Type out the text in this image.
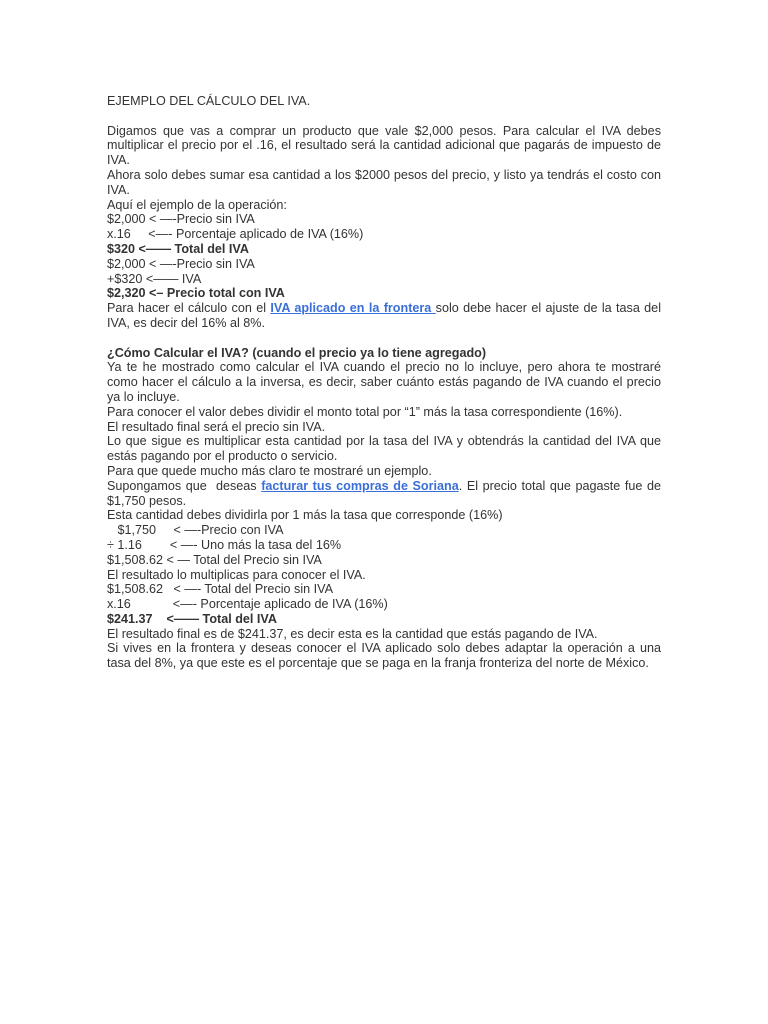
EJEMPLO DEL CÁLCULO DEL IVA.

Digamos que vas a comprar un producto que vale $2,000 pesos. Para calcular el IVA debes multiplicar el precio por el .16, el resultado será la cantidad adicional que pagarás de impuesto de IVA.

Ahora solo debes sumar esa cantidad a los $2000 pesos del precio, y listo ya tendrás el costo con IVA.

Aquí el ejemplo de la operación:

$2,000 < —-Precio sin IVA

x.16     <—- Porcentaje aplicado de IVA (16%)

$320 <—— Total del IVA

$2,000 < —-Precio sin IVA

+$320 <—— IVA

$2,320 <– Precio total con IVA

Para hacer el cálculo con el IVA aplicado en la frontera solo debe hacer el ajuste de la tasa del IVA, es decir del 16% al 8%.

¿Cómo Calcular el IVA? (cuando el precio ya lo tiene agregado)

Ya te he mostrado como calcular el IVA cuando el precio no lo incluye, pero ahora te mostraré como hacer el cálculo a la inversa, es decir, saber cuánto estás pagando de IVA cuando el precio ya lo incluye.

Para conocer el valor debes dividir el monto total por “1” más la tasa correspondiente (16%).

El resultado final será el precio sin IVA.

Lo que sigue es multiplicar esta cantidad por la tasa del IVA y obtendrás la cantidad del IVA que estás pagando por el producto o servicio.

Para que quede mucho más claro te mostraré un ejemplo.

Supongamos que  deseas facturar tus compras de Soriana. El precio total que pagaste fue de $1,750 pesos.

Esta cantidad debes dividirla por 1 más la tasa que corresponde (16%)

$1,750     < —-Precio con IVA

÷ 1.16        < —- Uno más la tasa del 16%

$1,508.62 < — Total del Precio sin IVA

El resultado lo multiplicas para conocer el IVA.

$1,508.62   < —- Total del Precio sin IVA

x.16            <—- Porcentaje aplicado de IVA (16%)

$241.37    <—— Total del IVA

El resultado final es de $241.37, es decir esta es la cantidad que estás pagando de IVA.

Si vives en la frontera y deseas conocer el IVA aplicado solo debes adaptar la operación a una tasa del 8%, ya que este es el porcentaje que se paga en la franja fronteriza del norte de México.
